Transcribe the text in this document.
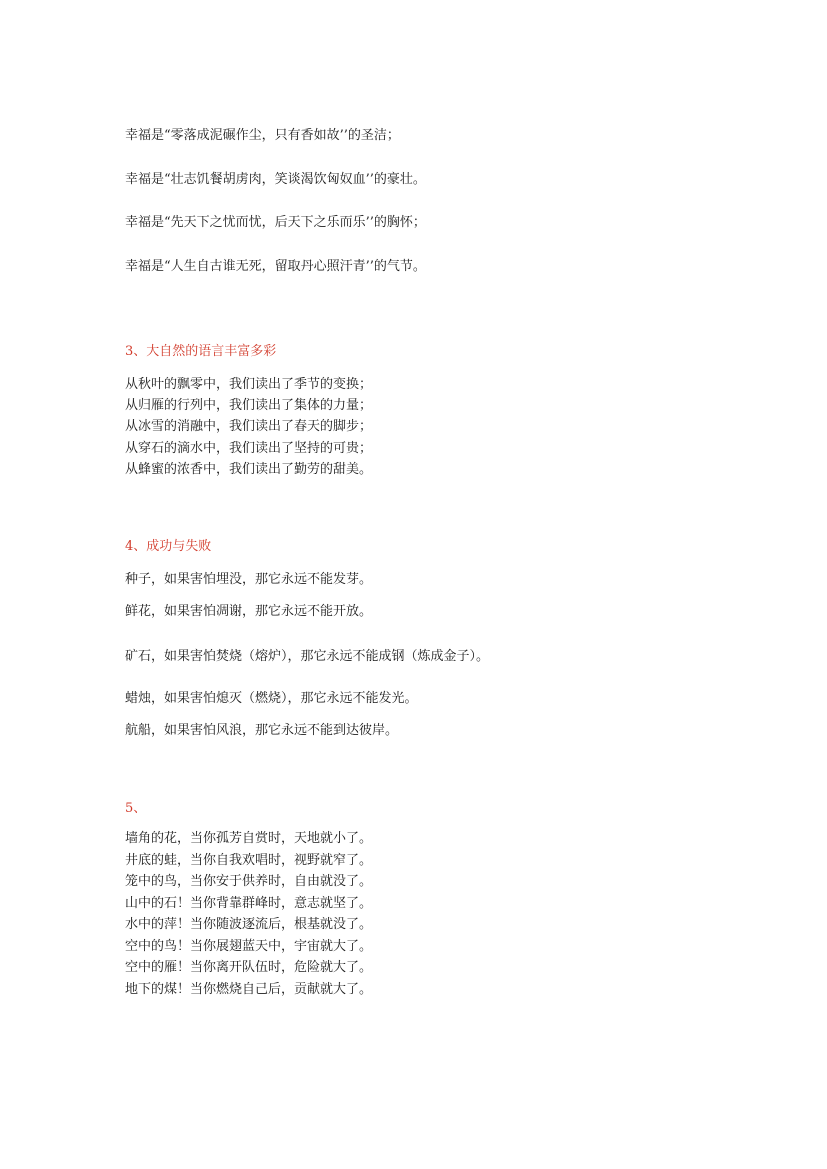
幸福是“零落成泥碾作尘，只有香如故’’的圣洁；
幸福是“壮志饥餐胡虏肉，笑谈渴饮匈奴血’’的豪壮。
幸福是“先天下之忧而忧，后天下之乐而乐’’的胸怀；
幸福是“人生自古谁无死，留取丹心照汗青’’的气节。
3、大自然的语言丰富多彩
从秋叶的飘零中，我们读出了季节的变换；
从归雁的行列中，我们读出了集体的力量；
从冰雪的消融中，我们读出了春天的脚步；
从穿石的滴水中，我们读出了坚持的可贵；
从蜂蜜的浓香中，我们读出了勤劳的甜美。
4、成功与失败
种子，如果害怕埋没，那它永远不能发芽。
鲜花，如果害怕凋谢，那它永远不能开放。
矿石，如果害怕焚烧（熔炉），那它永远不能成钢（炼成金子）。
蜡烛，如果害怕熄灭（燃烧），那它永远不能发光。
航船，如果害怕风浪，那它永远不能到达彼岸。
5、
墙角的花，当你孤芳自赏时，天地就小了。
井底的蛙，当你自我欢唱时，视野就窄了。
笼中的鸟，当你安于供养时，自由就没了。
山中的石！当你背靠群峰时，意志就坚了。
水中的萍！当你随波逐流后，根基就没了。
空中的鸟！当你展翅蓝天中，宇宙就大了。
空中的雁！当你离开队伍时，危险就大了。
地下的煤！当你燃烧自己后，贡献就大了。
